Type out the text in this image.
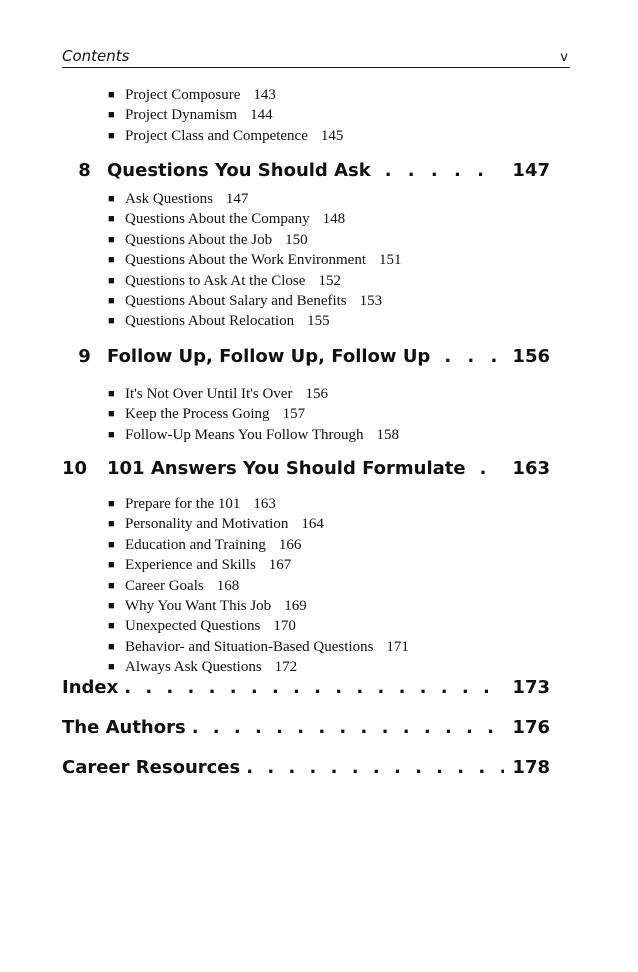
Contents	v
■ Project Composure 143
■ Project Dynamism 144
■ Project Class and Competence 145
8 Questions You Should Ask . . .	147
■ Ask Questions 147
■ Questions About the Company 148
■ Questions About the Job 150
■ Questions About the Work Environment 151
■ Questions to Ask At the Close 152
■ Questions About Salary and Benefits 153
■ Questions About Relocation 155
9 Follow Up, Follow Up, Follow Up . . .	156
■ It's Not Over Until It's Over 156
■ Keep the Process Going 157
■ Follow-Up Means You Follow Through 158
10	101 Answers You Should Formulate . . .	163
■ Prepare for the 101 163
■ Personality and Motivation 164
■ Education and Training 166
■ Experience and Skills 167
■ Career Goals 168
■ Why You Want This Job 169
■ Unexpected Questions 170
■ Behavior- and Situation-Based Questions 171
■ Always Ask Questions 172
Index . . .	173
The Authors . . .	176
Career Resources . . .	178
